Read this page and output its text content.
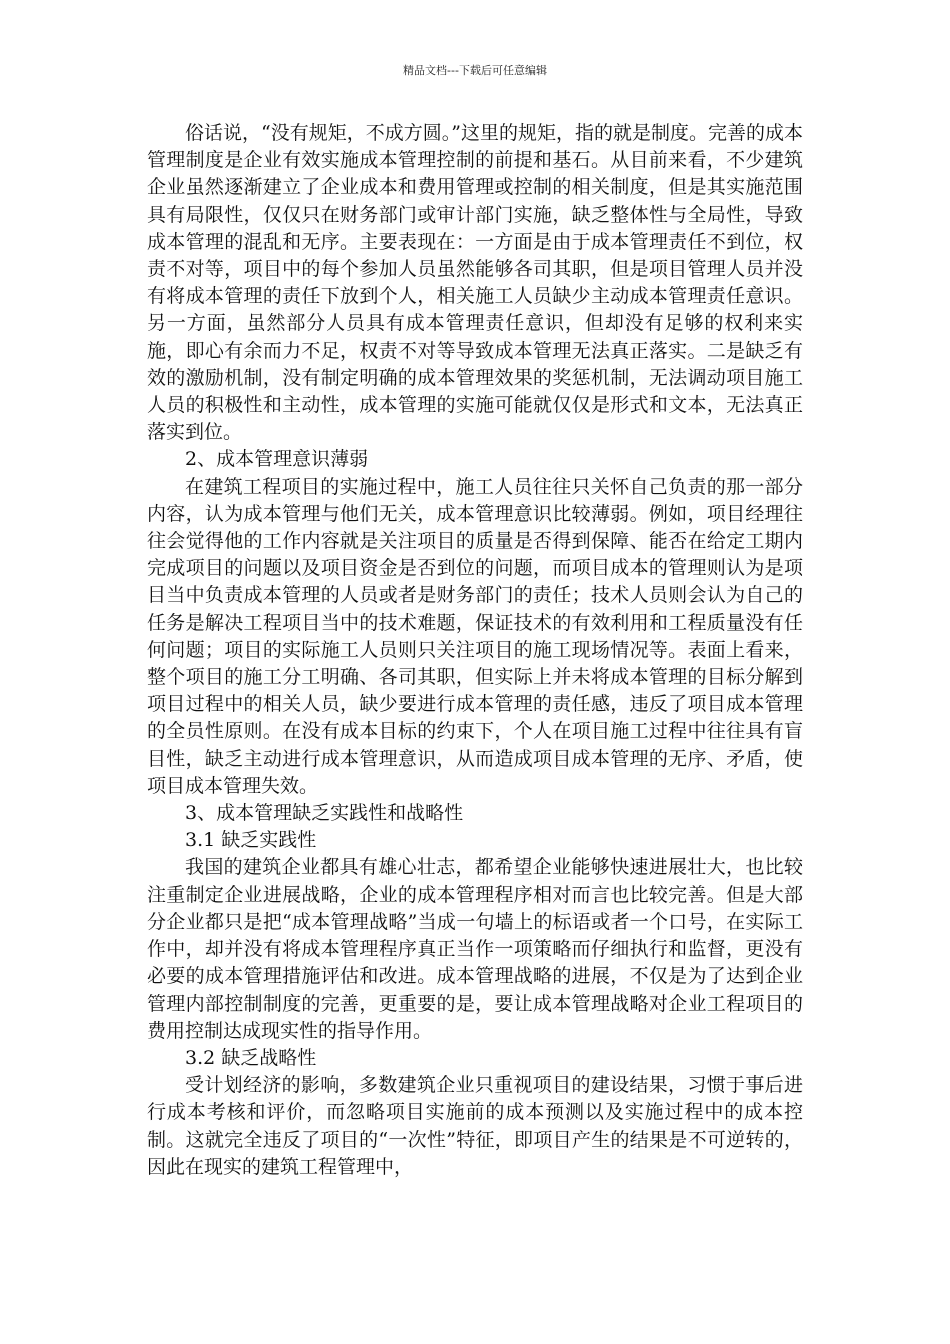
精品文档---下载后可任意编辑

俗话说，“没有规矩，不成方圆。”这里的规矩，指的就是制度。完善的成本管理制度是企业有效实施成本管理控制的前提和基石。从目前来看，不少建筑企业虽然逐渐建立了企业成本和费用管理或控制的相关制度，但是其实施范围具有局限性，仅仅只在财务部门或审计部门实施，缺乏整体性与全局性，导致成本管理的混乱和无序。主要表现在：一方面是由于成本管理责任不到位，权责不对等，项目中的每个参加人员虽然能够各司其职，但是项目管理人员并没有将成本管理的责任下放到个人，相关施工人员缺少主动成本管理责任意识。另一方面，虽然部分人员具有成本管理责任意识，但却没有足够的权利来实施，即心有余而力不足，权责不对等导致成本管理无法真正落实。二是缺乏有效的激励机制，没有制定明确的成本管理效果的奖惩机制，无法调动项目施工人员的积极性和主动性，成本管理的实施可能就仅仅是形式和文本，无法真正落实到位。

2、成本管理意识薄弱

在建筑工程项目的实施过程中，施工人员往往只关怀自己负责的那一部分内容，认为成本管理与他们无关，成本管理意识比较薄弱。例如，项目经理往往会觉得他的工作内容就是关注项目的质量是否得到保障、能否在给定工期内完成项目的问题以及项目资金是否到位的问题，而项目成本的管理则认为是项目当中负责成本管理的人员或者是财务部门的责任；技术人员则会认为自己的任务是解决工程项目当中的技术难题，保证技术的有效利用和工程质量没有任何问题；项目的实际施工人员则只关注项目的施工现场情况等。表面上看来，整个项目的施工分工明确、各司其职，但实际上并未将成本管理的目标分解到项目过程中的相关人员，缺少要进行成本管理的责任感，违反了项目成本管理的全员性原则。在没有成本目标的约束下，个人在项目施工过程中往往具有盲目性，缺乏主动进行成本管理意识，从而造成项目成本管理的无序、矛盾，使项目成本管理失效。

3、成本管理缺乏实践性和战略性

3.1 缺乏实践性

我国的建筑企业都具有雄心壮志，都希望企业能够快速进展壮大，也比较注重制定企业进展战略，企业的成本管理程序相对而言也比较完善。但是大部分企业都只是把“成本管理战略”当成一句墙上的标语或者一个口号，在实际工作中，却并没有将成本管理程序真正当作一项策略而仔细执行和监督，更没有必要的成本管理措施评估和改进。成本管理战略的进展，不仅是为了达到企业管理内部控制制度的完善，更重要的是，要让成本管理战略对企业工程项目的费用控制达成现实性的指导作用。

3.2 缺乏战略性

受计划经济的影响，多数建筑企业只重视项目的建设结果，习惯于事后进行成本考核和评价，而忽略项目实施前的成本预测以及实施过程中的成本控制。这就完全违反了项目的“一次性”特征，即项目产生的结果是不可逆转的，因此在现实的建筑工程管理中，
